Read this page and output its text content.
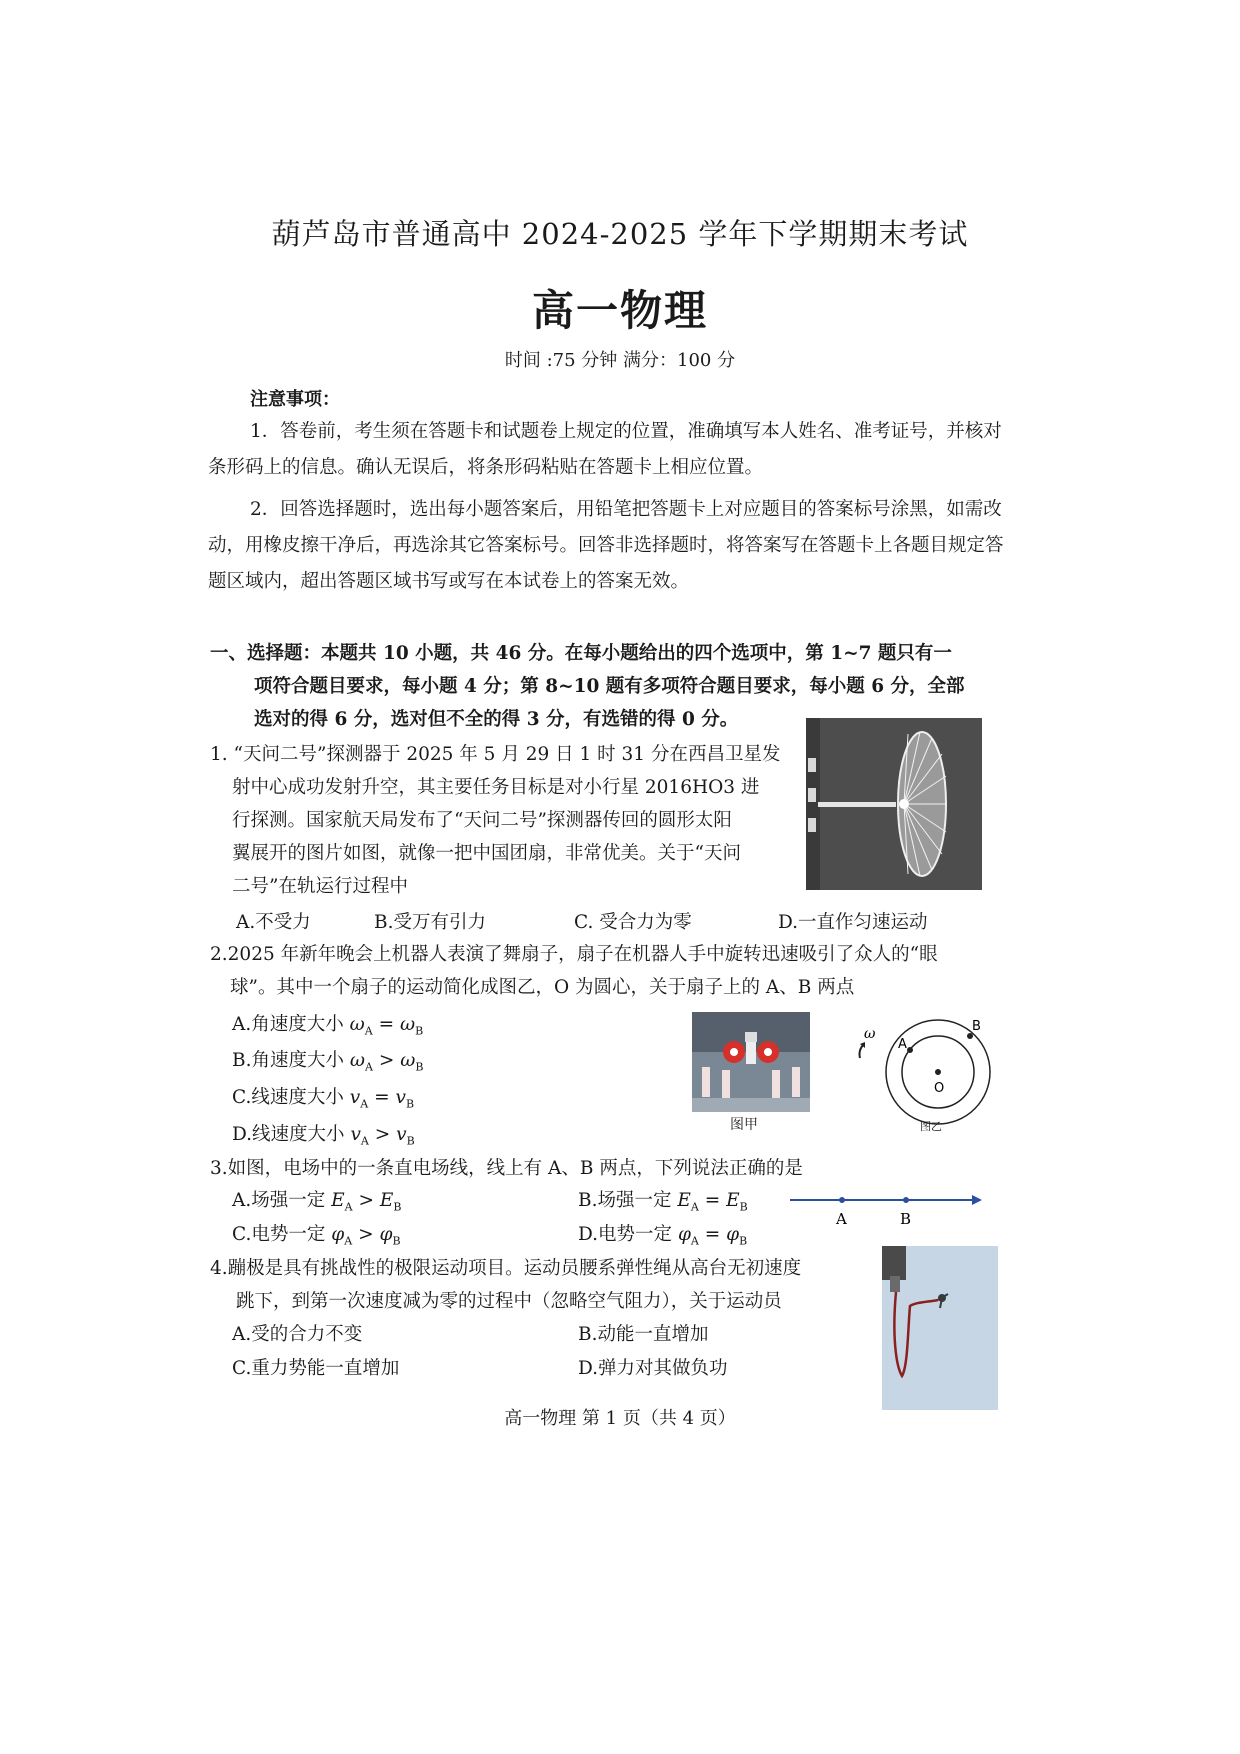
葫芦岛市普通高中 2024-2025 学年下学期期末考试
高一物理
时间 :75 分钟 满分：100 分
注意事项：
1．答卷前，考生须在答题卡和试题卷上规定的位置，准确填写本人姓名、准考证号，并核对条形码上的信息。确认无误后，将条形码粘贴在答题卡上相应位置。
2．回答选择题时，选出每小题答案后，用铅笔把答题卡上对应题目的答案标号涂黑，如需改动，用橡皮擦干净后，再选涂其它答案标号。回答非选择题时，将答案写在答题卡上各题目规定答题区域内，超出答题区域书写或写在本试卷上的答案无效。
一、选择题：本题共 10 小题，共 46 分。在每小题给出的四个选项中，第 1~7 题只有一
项符合题目要求，每小题 4 分；第 8~10 题有多项符合题目要求，每小题 6 分，全部
选对的得 6 分，选对但不全的得 3 分，有选错的得 0 分。
1. “天问二号”探测器于 2025 年 5 月 29 日 1 时 31 分在西昌卫星发
射中心成功发射升空，其主要任务目标是对小行星 2016HO3 进
行探测。国家航天局发布了“天问二号”探测器传回的圆形太阳
翼展开的图片如图，就像一把中国团扇，非常优美。关于“天问
二号”在轨运行过程中
A.不受力	B.受万有引力	C. 受合力为零	D.一直作匀速运动
2.2025 年新年晚会上机器人表演了舞扇子，扇子在机器人手中旋转迅速吸引了众人的“眼
球”。其中一个扇子的运动简化成图乙，O 为圆心，关于扇子上的 A、B 两点
A.角速度大小 $\omega_A = \omega_B$
B.角速度大小 $\omega_A > \omega_B$
C.线速度大小 $v_A = v_B$
D.线速度大小 $v_A > v_B$
图甲
ω
A
B
O
图乙
3.如图，电场中的一条直电场线，线上有 A、B 两点，下列说法正确的是
A.场强一定 $E_A > E_B$	B.场强一定 $E_A = E_B$
C.电势一定 $\varphi_A > \varphi_B$	D.电势一定 $\varphi_A = \varphi_B$
A	B
4.蹦极是具有挑战性的极限运动项目。运动员腰系弹性绳从高台无初速度
跳下，到第一次速度减为零的过程中（忽略空气阻力），关于运动员
A.受的合力不变	B.动能一直增加
C.重力势能一直增加	D.弹力对其做负功
高一物理 第 1 页（共 4 页）
